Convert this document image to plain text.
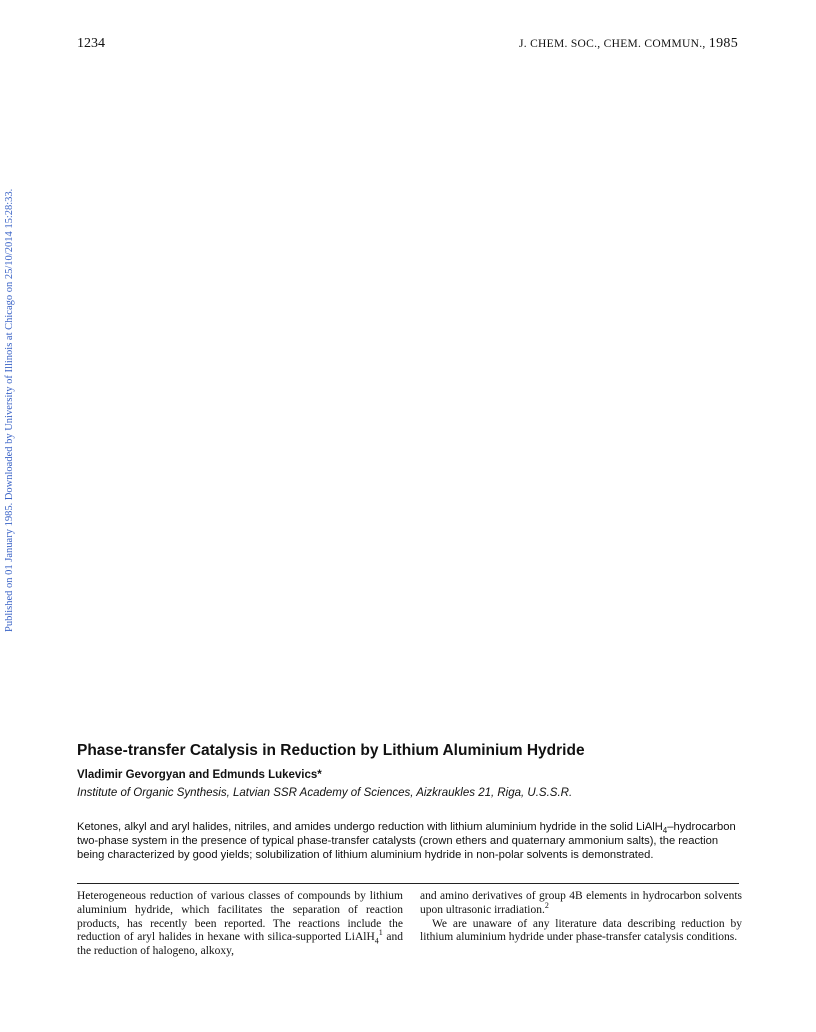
1234	J. CHEM. SOC., CHEM. COMMUN., 1985
Published on 01 January 1985. Downloaded by University of Illinois at Chicago on 25/10/2014 15:28:33.
Phase-transfer Catalysis in Reduction by Lithium Aluminium Hydride
Vladimir Gevorgyan and Edmunds Lukevics*
Institute of Organic Synthesis, Latvian SSR Academy of Sciences, Aizkraukles 21, Riga, U.S.S.R.

Ketones, alkyl and aryl halides, nitriles, and amides undergo reduction with lithium aluminium hydride in the solid LiAlH$_4$–hydrocarbon two-phase system in the presence of typical phase-transfer catalysts (crown ethers and quaternary ammonium salts), the reaction being characterized by good yields; solubilization of lithium aluminium hydride in non-polar solvents is demonstrated.

Heterogeneous reduction of various classes of compounds by lithium aluminium hydride, which facilitates the separation of reaction products, has recently been reported. The reactions include the reduction of aryl halides in hexane with silica-supported LiAlH$_4^1$ and the reduction of halogeno, alkoxy,

and amino derivatives of group 4B elements in hydrocarbon solvents upon ultrasonic irradiation.$^2$

We are unaware of any literature data describing reduction by lithium aluminium hydride under phase-transfer catalysis conditions.
